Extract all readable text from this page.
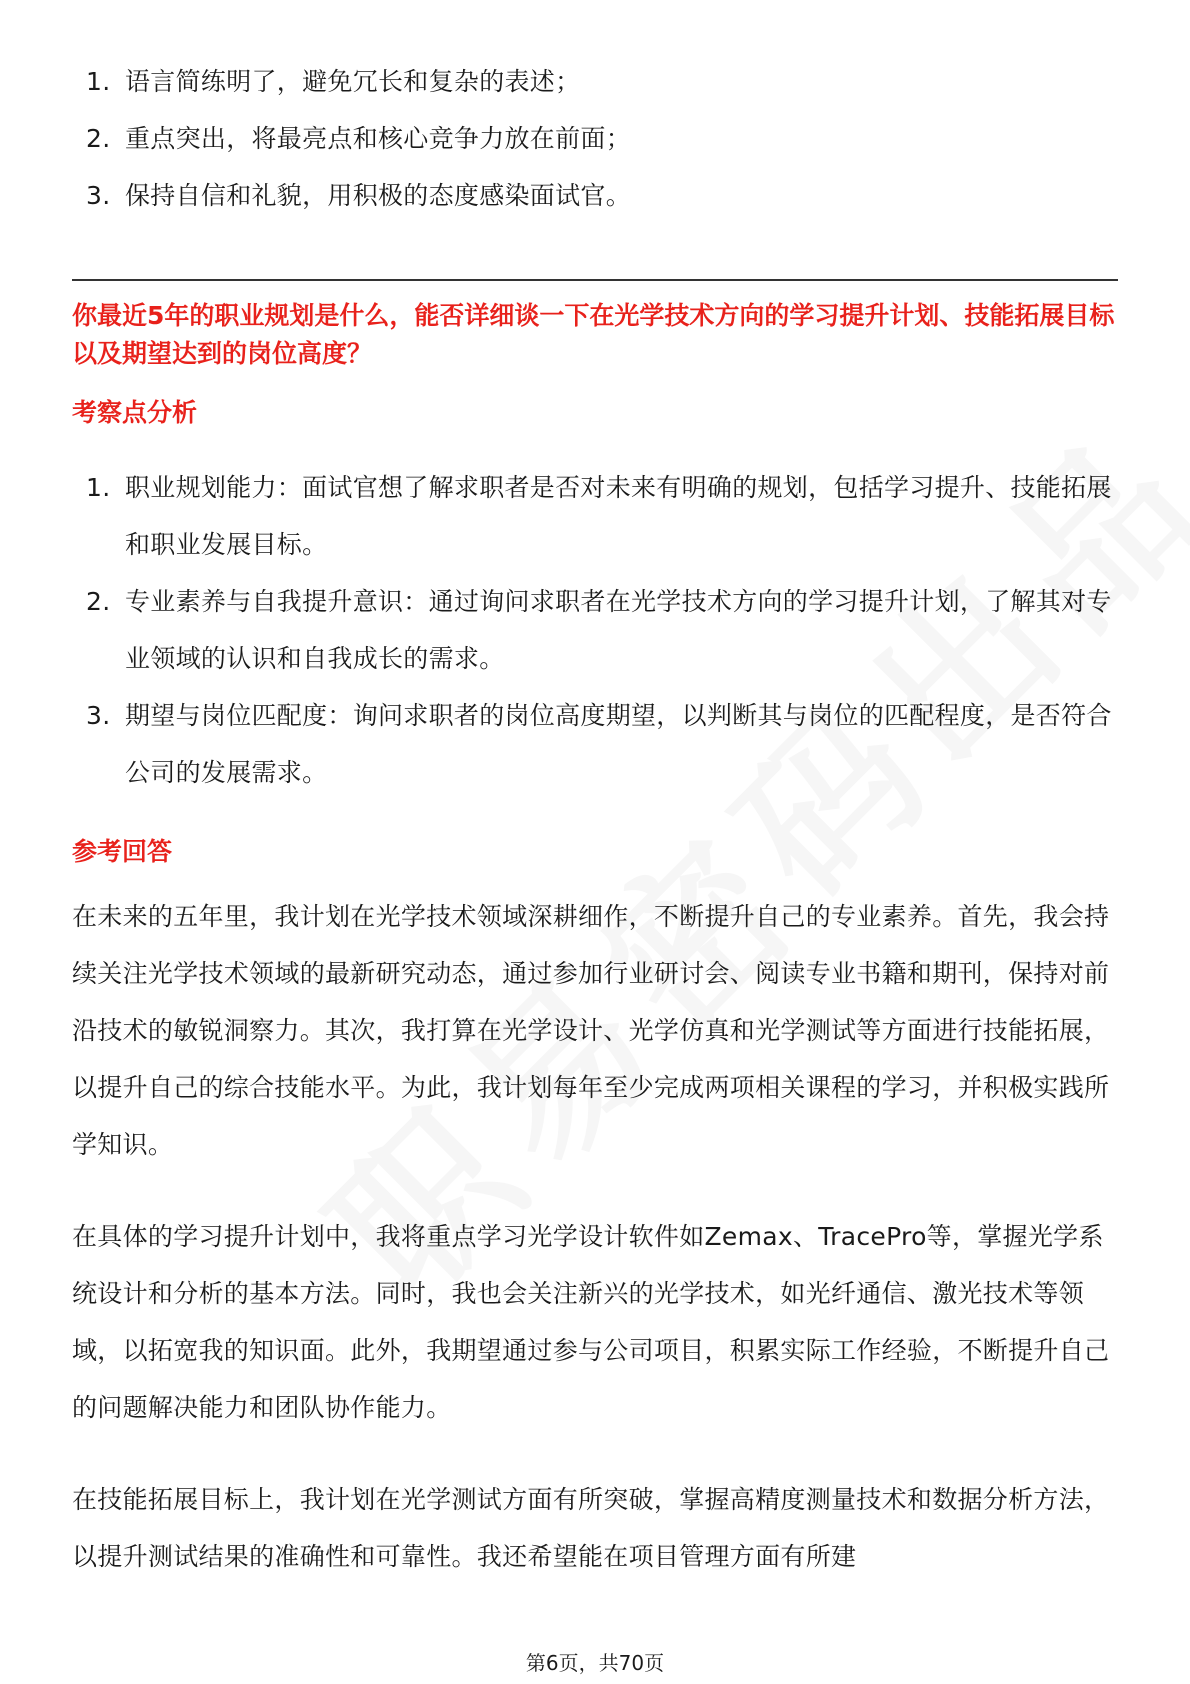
1. 语言简练明了，避免冗长和复杂的表述；
2. 重点突出，将最亮点和核心竞争力放在前面；
3. 保持自信和礼貌，用积极的态度感染面试官。
你最近5年的职业规划是什么，能否详细谈一下在光学技术方向的学习提升计划、技能拓展目标以及期望达到的岗位高度？
考察点分析
1. 职业规划能力：面试官想了解求职者是否对未来有明确的规划，包括学习提升、技能拓展和职业发展目标。
2. 专业素养与自我提升意识：通过询问求职者在光学技术方向的学习提升计划，了解其对专业领域的认识和自我成长的需求。
3. 期望与岗位匹配度：询问求职者的岗位高度期望，以判断其与岗位的匹配程度，是否符合公司的发展需求。
参考回答

在未来的五年里，我计划在光学技术领域深耕细作，不断提升自己的专业素养。首先，我会持续关注光学技术领域的最新研究动态，通过参加行业研讨会、阅读专业书籍和期刊，保持对前沿技术的敏锐洞察力。其次，我打算在光学设计、光学仿真和光学测试等方面进行技能拓展，以提升自己的综合技能水平。为此，我计划每年至少完成两项相关课程的学习，并积极实践所学知识。

在具体的学习提升计划中，我将重点学习光学设计软件如Zemax、TracePro等，掌握光学系统设计和分析的基本方法。同时，我也会关注新兴的光学技术，如光纤通信、激光技术等领域，以拓宽我的知识面。此外，我期望通过参与公司项目，积累实际工作经验，不断提升自己的问题解决能力和团队协作能力。

在技能拓展目标上，我计划在光学测试方面有所突破，掌握高精度测量技术和数据分析方法，以提升测试结果的准确性和可靠性。我还希望能在项目管理方面有所建

第6页，共70页
